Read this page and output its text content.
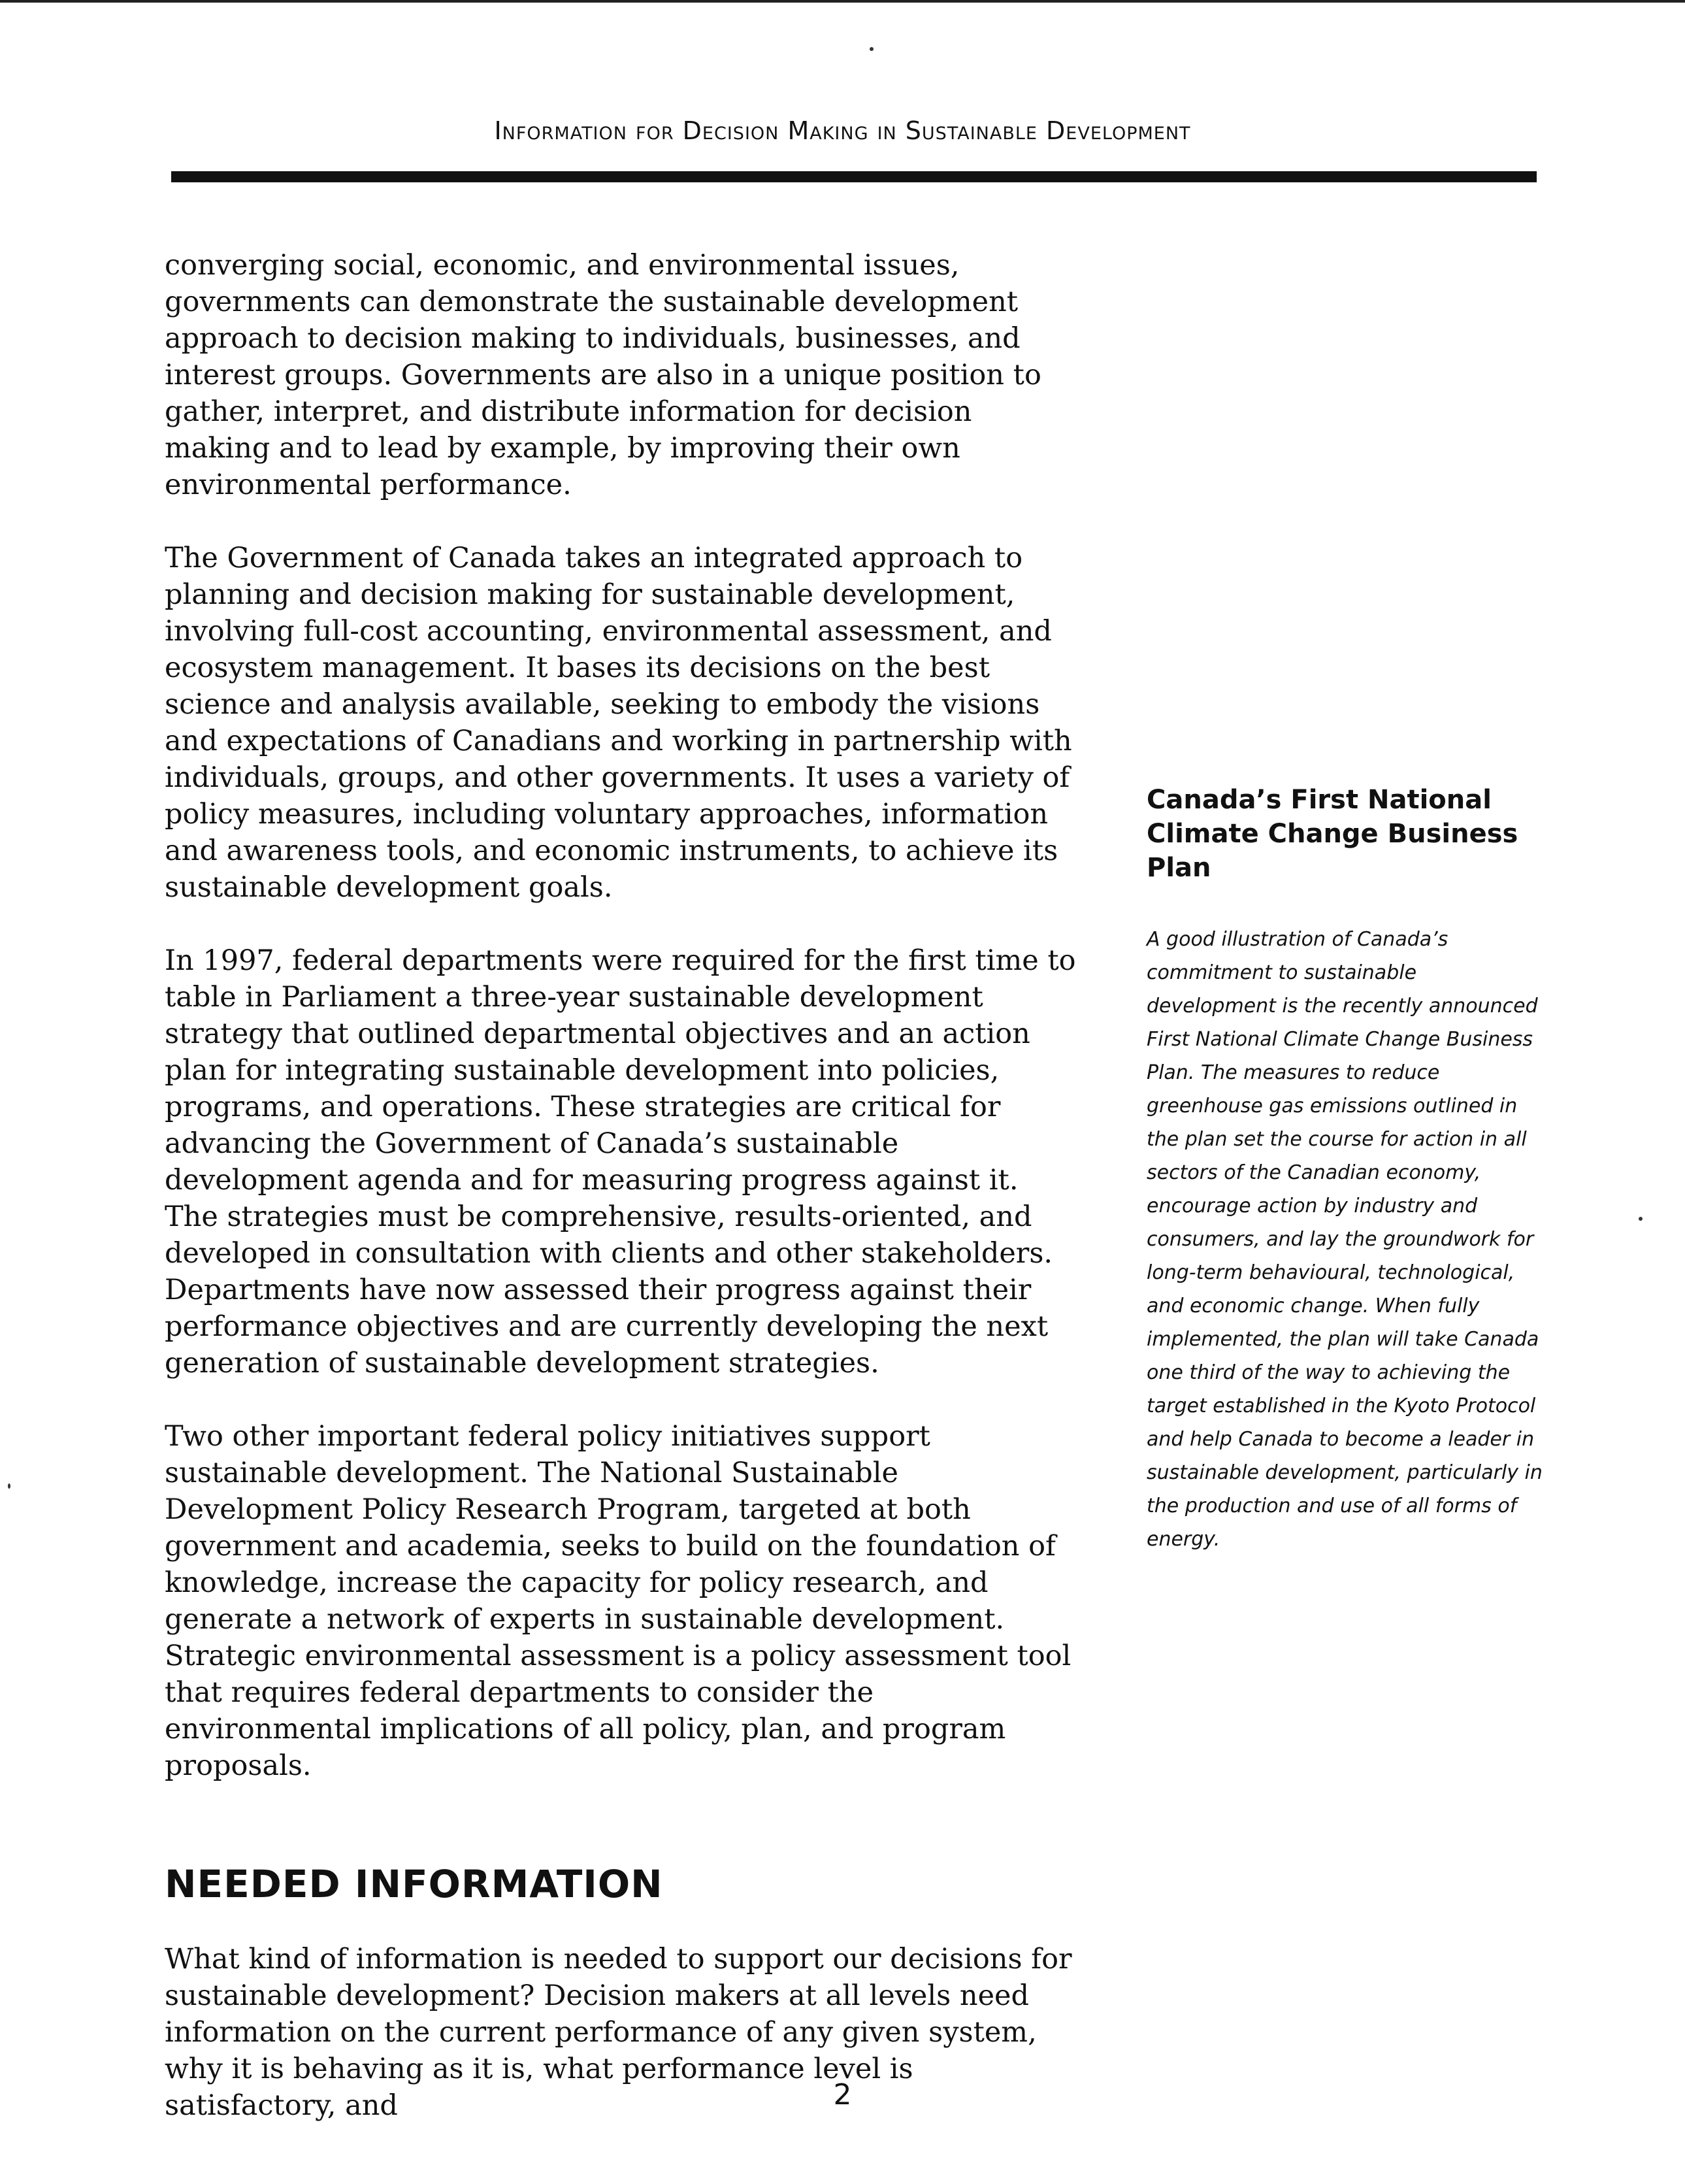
Information for Decision Making in Sustainable Development

converging social, economic, and environmental issues, governments can demonstrate the sustainable development approach to decision making to individuals, businesses, and interest groups. Governments are also in a unique position to gather, interpret, and distribute information for decision making and to lead by example, by improving their own environmental performance.

The Government of Canada takes an integrated approach to planning and decision making for sustainable development, involving full-cost accounting, environmental assessment, and ecosystem management. It bases its decisions on the best science and analysis available, seeking to embody the visions and expectations of Canadians and working in partnership with individuals, groups, and other governments. It uses a variety of policy measures, including voluntary approaches, information and awareness tools, and economic instruments, to achieve its sustainable development goals.

In 1997, federal departments were required for the first time to table in Parliament a three-year sustainable development strategy that outlined departmental objectives and an action plan for integrating sustainable development into policies, programs, and operations. These strategies are critical for advancing the Government of Canada’s sustainable development agenda and for measuring progress against it. The strategies must be comprehensive, results-oriented, and developed in consultation with clients and other stakeholders. Departments have now assessed their progress against their performance objectives and are currently developing the next generation of sustainable development strategies.

Two other important federal policy initiatives support sustainable development. The National Sustainable Development Policy Research Program, targeted at both government and academia, seeks to build on the foundation of knowledge, increase the capacity for policy research, and generate a network of experts in sustainable development. Strategic environmental assessment is a policy assessment tool that requires federal departments to consider the environmental implications of all policy, plan, and program proposals.

NEEDED INFORMATION

What kind of information is needed to support our decisions for sustainable development? Decision makers at all levels need information on the current performance of any given system, why it is behaving as it is, what performance level is satisfactory, and

Canada’s First National Climate Change Business Plan

A good illustration of Canada’s commitment to sustainable development is the recently announced First National Climate Change Business Plan. The measures to reduce greenhouse gas emissions outlined in the plan set the course for action in all sectors of the Canadian economy, encourage action by industry and consumers, and lay the groundwork for long-term behavioural, technological, and economic change. When fully implemented, the plan will take Canada one third of the way to achieving the target established in the Kyoto Protocol and help Canada to become a leader in sustainable development, particularly in the production and use of all forms of energy.

2
